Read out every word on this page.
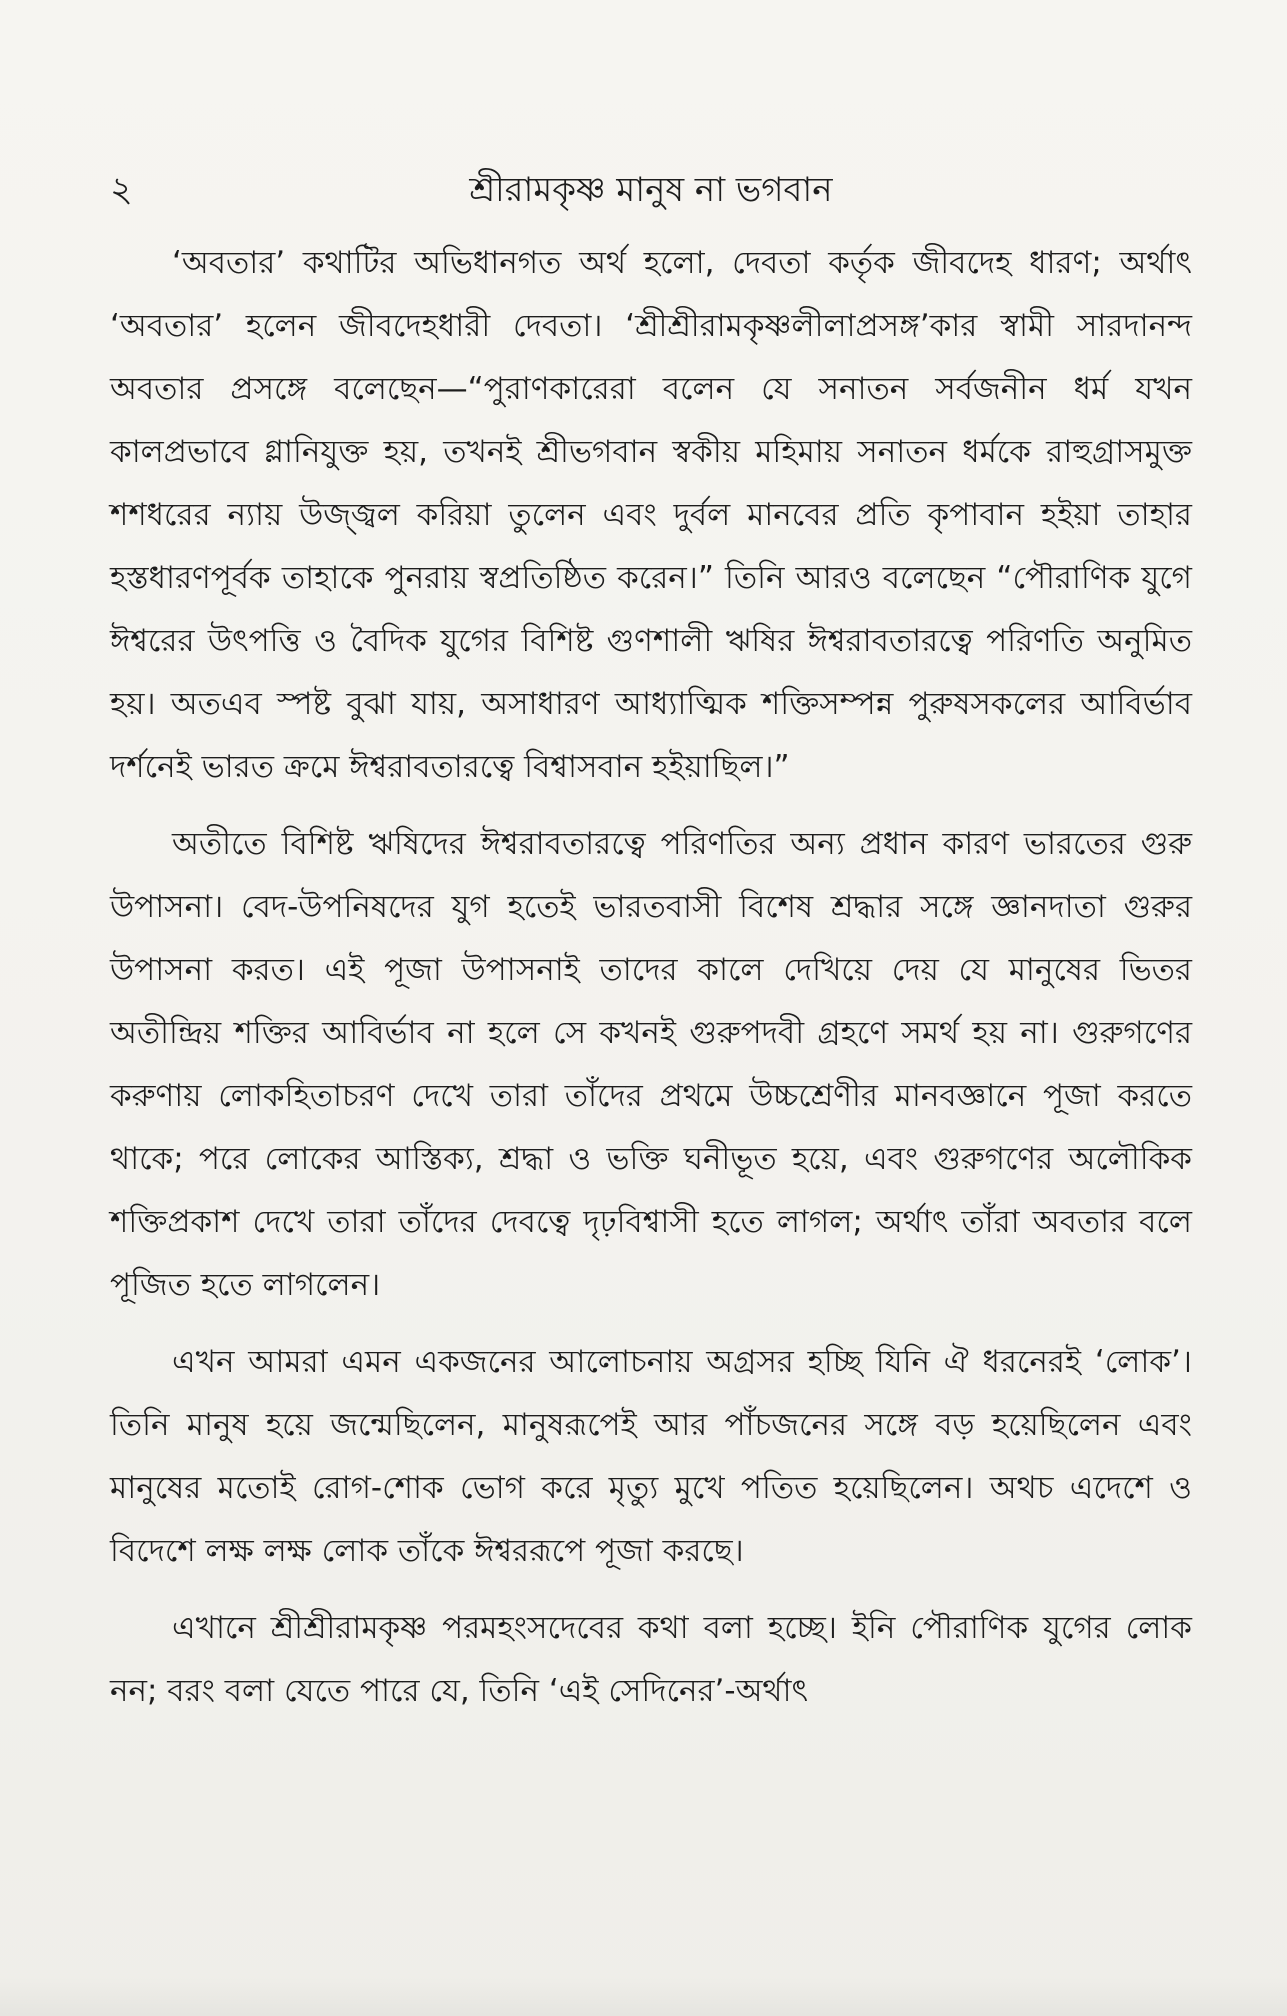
২	শ্রীরামকৃষ্ণ মানুষ না ভগবান

‘অবতার’ কথাটির অভিধানগত অর্থ হলো, দেবতা কর্তৃক জীবদেহ ধারণ; অর্থাৎ ‘অবতার’ হলেন জীবদেহধারী দেবতা। ‘শ্রীশ্রীরামকৃষ্ণলীলাপ্রসঙ্গ’কার স্বামী সারদানন্দ অবতার প্রসঙ্গে বলেছেন—“পুরাণকারেরা বলেন যে সনাতন সর্বজনীন ধর্ম যখন কালপ্রভাবে গ্লানিযুক্ত হয়, তখনই শ্রীভগবান স্বকীয় মহিমায় সনাতন ধর্মকে রাহুগ্রাসমুক্ত শশধরের ন্যায় উজ্জ্বল করিয়া তুলেন এবং দুর্বল মানবের প্রতি কৃপাবান হইয়া তাহার হস্তধারণপূর্বক তাহাকে পুনরায় স্বপ্রতিষ্ঠিত করেন।” তিনি আরও বলেছেন “পৌরাণিক যুগে ঈশ্বরের উৎপত্তি ও বৈদিক যুগের বিশিষ্ট গুণশালী ঋষির ঈশ্বরাবতারত্বে পরিণতি অনুমিত হয়। অতএব স্পষ্ট বুঝা যায়, অসাধারণ আধ্যাত্মিক শক্তিসম্পন্ন পুরুষসকলের আবির্ভাব দর্শনেই ভারত ক্রমে ঈশ্বরাবতারত্বে বিশ্বাসবান হইয়াছিল।”

অতীতে বিশিষ্ট ঋষিদের ঈশ্বরাবতারত্বে পরিণতির অন্য প্রধান কারণ ভারতের গুরু উপাসনা। বেদ-উপনিষদের যুগ হতেই ভারতবাসী বিশেষ শ্রদ্ধার সঙ্গে জ্ঞানদাতা গুরুর উপাসনা করত। এই পূজা উপাসনাই তাদের কালে দেখিয়ে দেয় যে মানুষের ভিতর অতীন্দ্রিয় শক্তির আবির্ভাব না হলে সে কখনই গুরুপদবী গ্রহণে সমর্থ হয় না। গুরুগণের করুণায় লোকহিতাচরণ দেখে তারা তাঁদের প্রথমে উচ্চশ্রেণীর মানবজ্ঞানে পূজা করতে থাকে; পরে লোকের আস্তিক্য, শ্রদ্ধা ও ভক্তি ঘনীভূত হয়ে, এবং গুরুগণের অলৌকিক শক্তিপ্রকাশ দেখে তারা তাঁদের দেবত্বে দৃঢ়বিশ্বাসী হতে লাগল; অর্থাৎ তাঁরা অবতার বলে পূজিত হতে লাগলেন।

এখন আমরা এমন একজনের আলোচনায় অগ্রসর হচ্ছি যিনি ঐ ধরনেরই ‘লোক’। তিনি মানুষ হয়ে জন্মেছিলেন, মানুষরূপেই আর পাঁচজনের সঙ্গে বড় হয়েছিলেন এবং মানুষের মতোই রোগ-শোক ভোগ করে মৃত্যু মুখে পতিত হয়েছিলেন। অথচ এদেশে ও বিদেশে লক্ষ লক্ষ লোক তাঁকে ঈশ্বররূপে পূজা করছে।

এখানে শ্রীশ্রীরামকৃষ্ণ পরমহংসদেবের কথা বলা হচ্ছে। ইনি পৌরাণিক যুগের লোক নন; বরং বলা যেতে পারে যে, তিনি ‘এই সেদিনের’-অর্থাৎ
